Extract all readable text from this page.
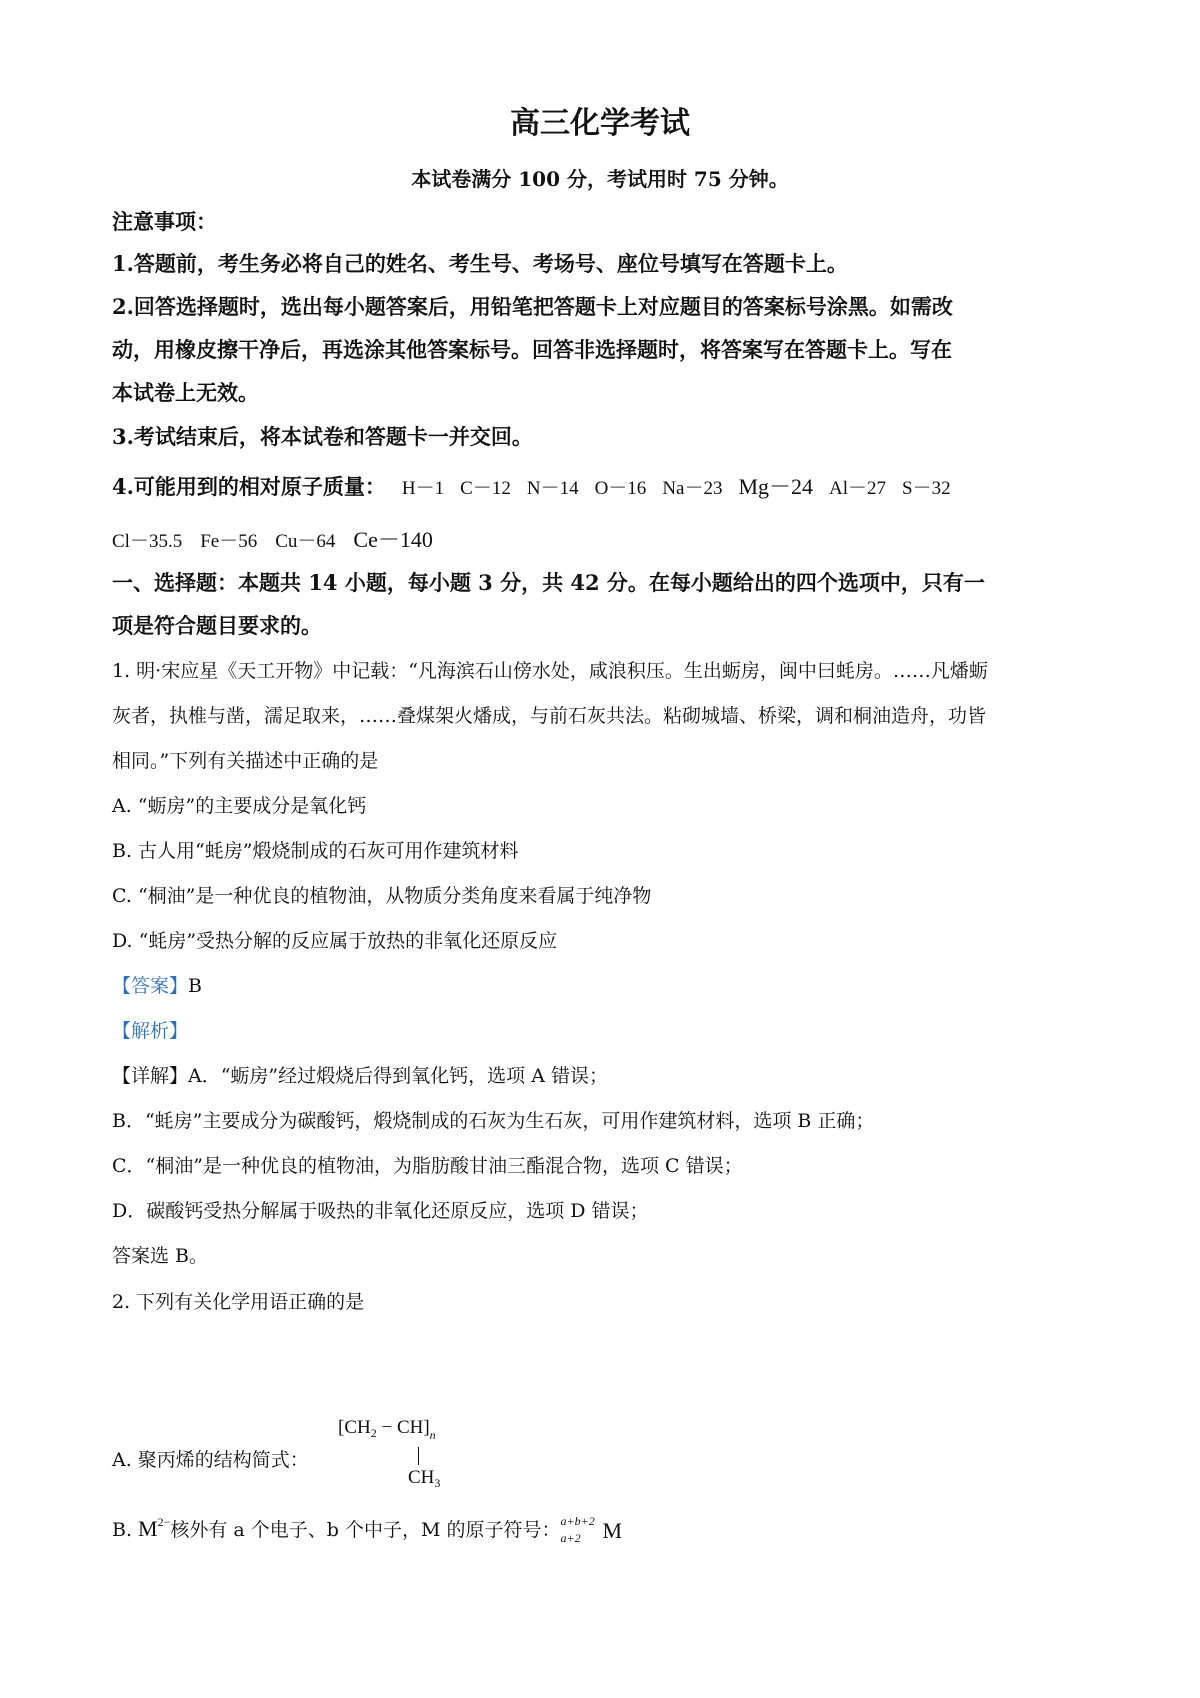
高三化学考试
本试卷满分 100 分，考试用时 75 分钟。
注意事项：
1.答题前，考生务必将自己的姓名、考生号、考场号、座位号填写在答题卡上。
2.回答选择题时，选出每小题答案后，用铅笔把答题卡上对应题目的答案标号涂黑。如需改
动，用橡皮擦干净后，再选涂其他答案标号。回答非选择题时，将答案写在答题卡上。写在
本试卷上无效。
3.考试结束后，将本试卷和答题卡一并交回。
4.可能用到的相对原子质量： H－1 C－12 N－14 O－16 Na－23 Mg－24 Al－27 S－32
Cl－35.5 Fe－56 Cu－64 Ce－140
一、选择题：本题共 14 小题，每小题 3 分，共 42 分。在每小题给出的四个选项中，只有一
项是符合题目要求的。
1. 明·宋应星《天工开物》中记载：“凡海滨石山傍水处，咸浪积压。生出蛎房，闽中曰蚝房。……凡燔蛎
灰者，执椎与凿，濡足取来，……叠煤架火燔成，与前石灰共法。粘砌城墙、桥梁，调和桐油造舟，功皆
相同。”下列有关描述中正确的是
A. “蛎房”的主要成分是氧化钙
B. 古人用“蚝房”煅烧制成的石灰可用作建筑材料
C. “桐油”是一种优良的植物油，从物质分类角度来看属于纯净物
D. “蚝房”受热分解的反应属于放热的非氧化还原反应
【答案】B
【解析】
【详解】A．“蛎房”经过煅烧后得到氧化钙，选项 A 错误；
B．“蚝房”主要成分为碳酸钙，煅烧制成的石灰为生石灰，可用作建筑材料，选项 B 正确；
C．“桐油”是一种优良的植物油，为脂肪酸甘油三酯混合物，选项 C 错误；
D．碳酸钙受热分解属于吸热的非氧化还原反应，选项 D 错误；
答案选 B。
2. 下列有关化学用语正确的是
A. 聚丙烯的结构简式：
$[CH_2 - CH]_n$
$CH_3$
B. $M^{2-}$核外有 a 个电子、b 个中子，M 的原子符号： a+b+2
a+2 M
